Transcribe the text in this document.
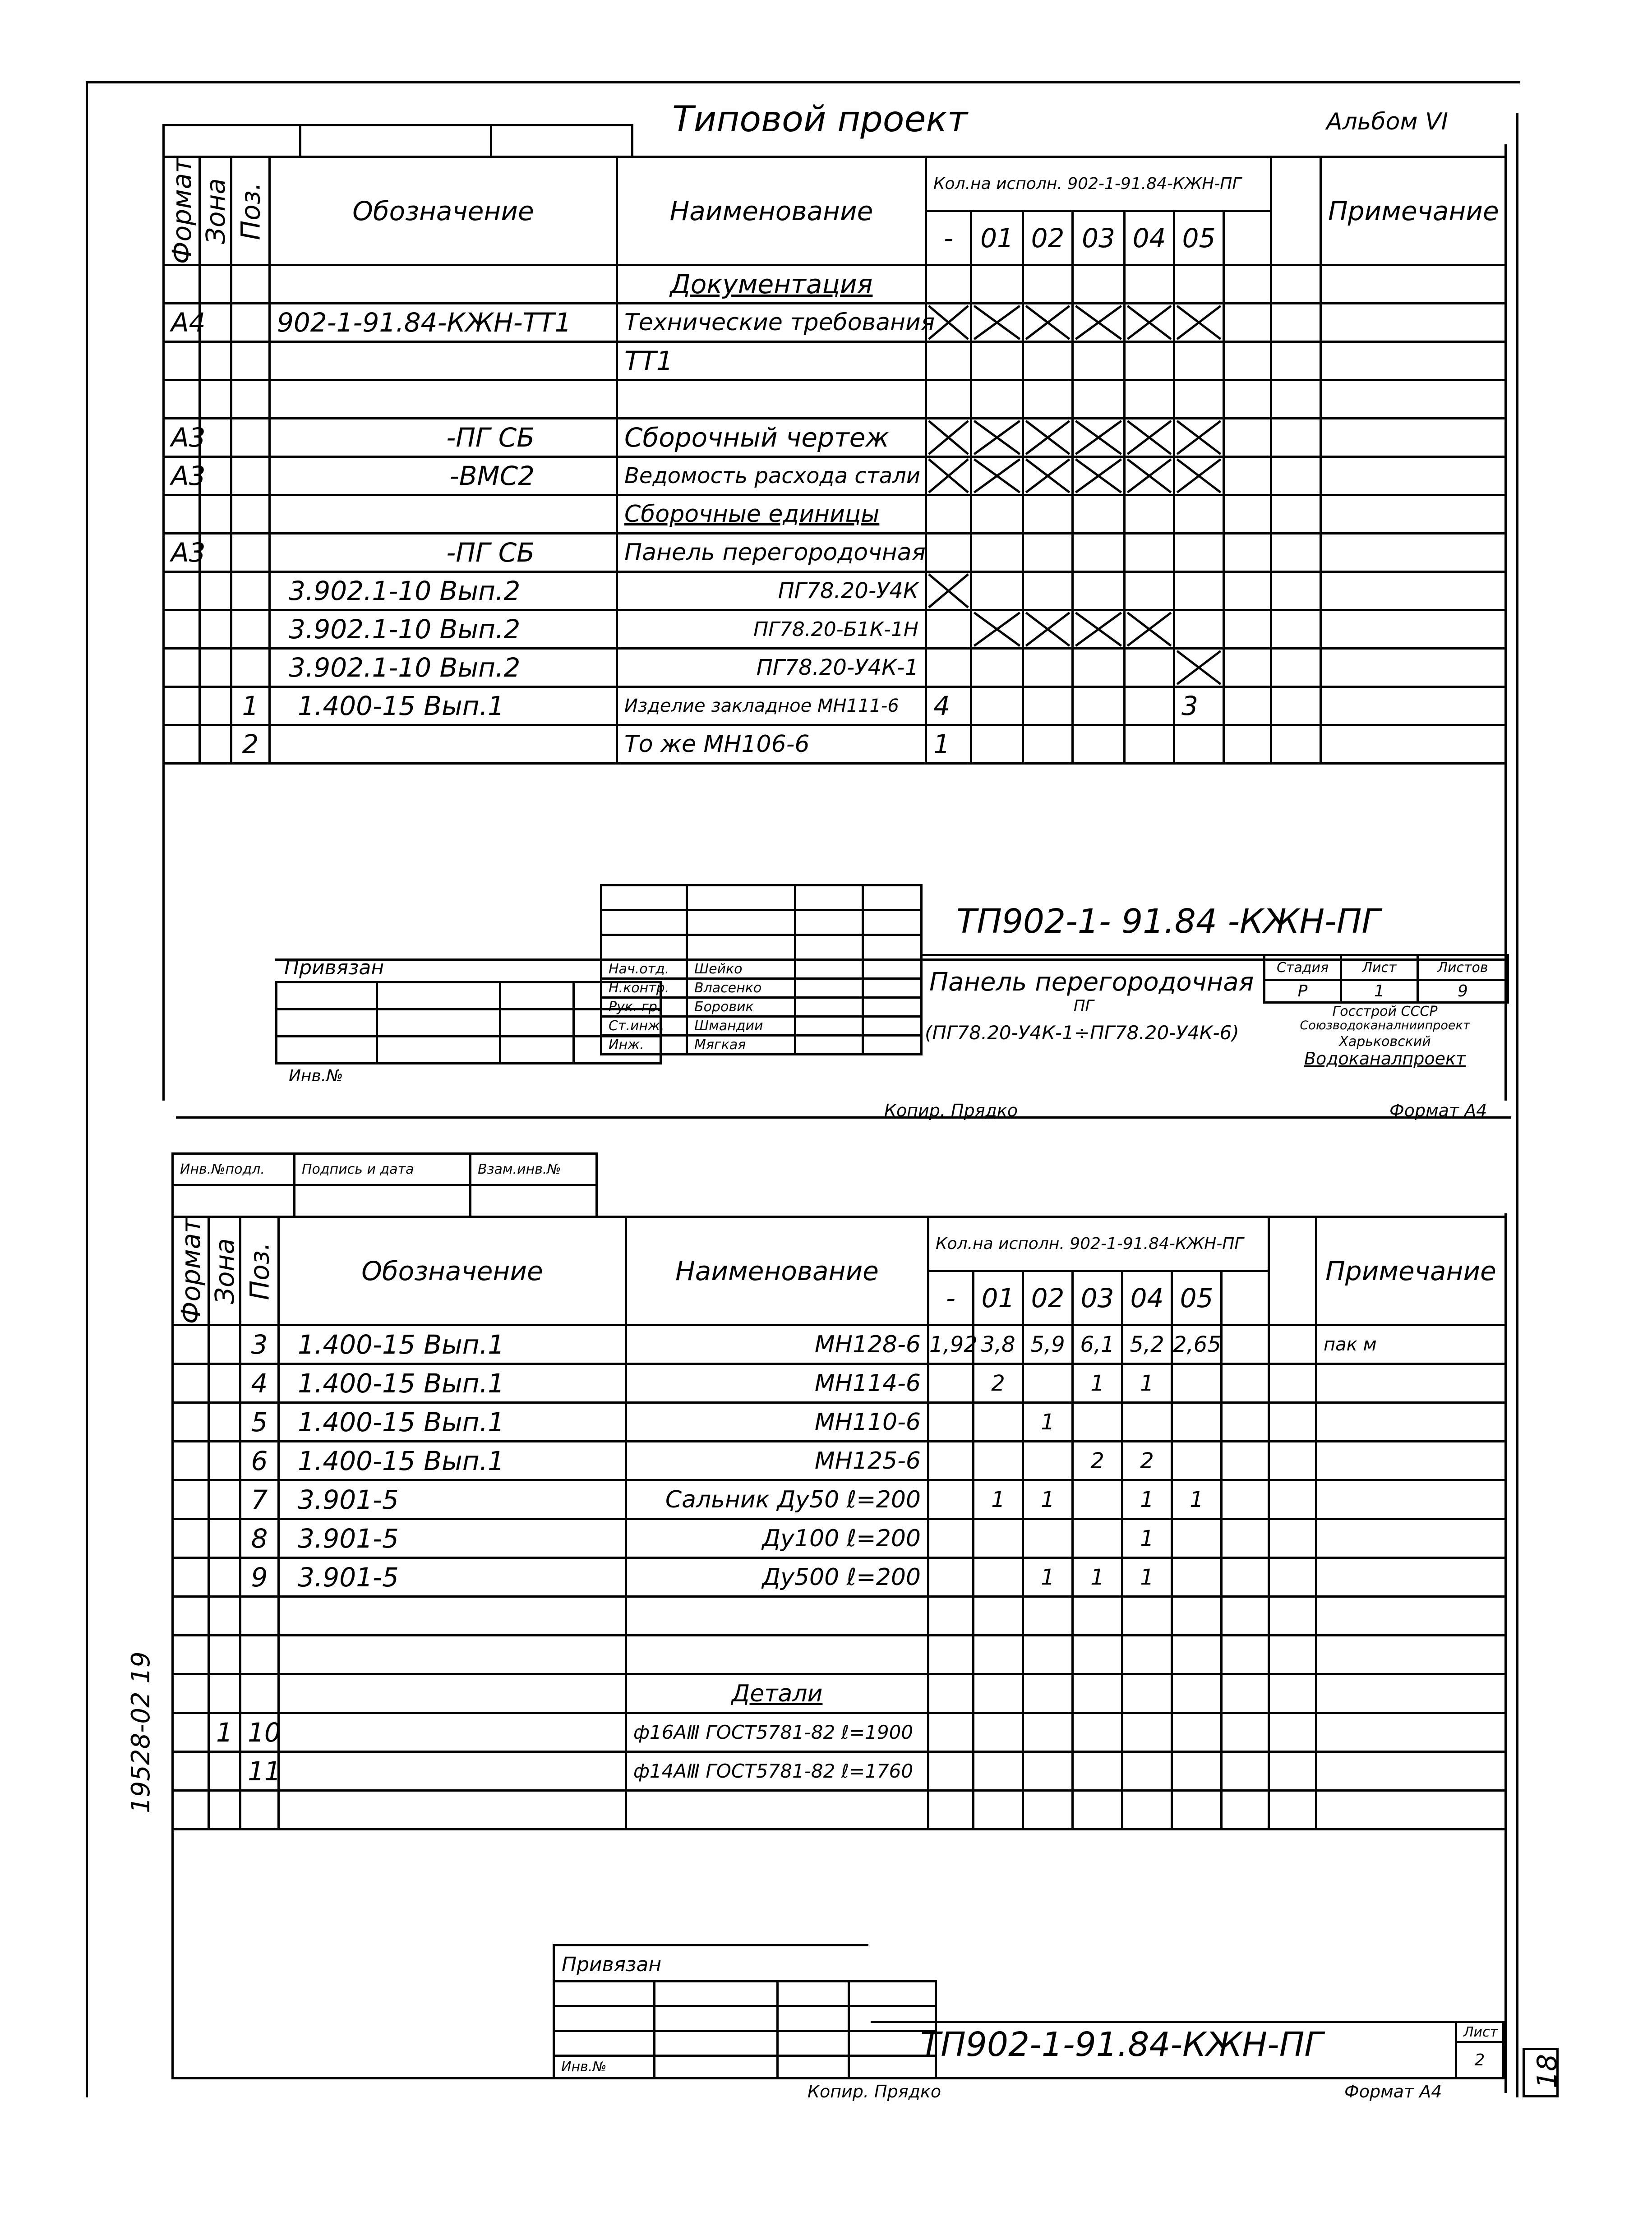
Типовой проект	Альбом VI
Формат	Зона	Поз.	Обозначение	Наименование	Кол.на исполн. 902-1-91.84-КЖН-ПГ								Примечание
					-	01	02	03	04	05			
				Документация									
А4			902-1-91.84-КЖН-ТТ1	Технические требования	

				ТТ1									

А3			-ПГ СБ	Сборочный чертеж	

А3			-ВМС2	Ведомость расхода стали	

				Сборочные единицы									
А3			-ПГ СБ	Панель перегородочная									
			3.902.1-10 Вып.2	ПГ78.20-У4К	

			3.902.1-10 Вып.2	ПГ78.20-Б1К-1Н		

			3.902.1-10 Вып.2	ПГ78.20-У4К-1						

		1	1.400-15 Вып.1	Изделие закладное МН111-6	4					3			
		2		То же МН106-6	1								
Привязан

Инв.№

Нач.отд.	Шейко		
Н.контр.	Власенко		
Рук. гр.	Боровик		
Ст.инж.	Шмандии		
Инж.	Мягкая		
ТП902-1- 91.84 -КЖН-ПГ
Панель перегородочная
ПГ
(ПГ78.20-У4К-1÷ПГ78.20-У4К-6)
Стадия	Лист	Листов
Р	1	9
Госстрой СССР
Союзводоканалниипроект
Харьковский
Водоканалпроект
Копир. Прядко	Формат А4
Инв.№подл.	Подпись и дата	Взам.инв.№

Формат	Зона	Поз.	Обозначение	Наименование	Кол.на исполн. 902-1-91.84-КЖН-ПГ								Примечание
					-	01	02	03	04	05			
		3	1.400-15 Вып.1	МН128-6	1,92	3,8	5,9	6,1	5,2	2,65			пак м
		4	1.400-15 Вып.1	МН114-6		2		1	1				
		5	1.400-15 Вып.1	МН110-6			1						
		6	1.400-15 Вып.1	МН125-6				2	2				
		7	3.901-5	Сальник Ду50 ℓ=200		1	1		1	1			
		8	3.901-5	Ду100 ℓ=200					1				
		9	3.901-5	Ду500 ℓ=200			1	1	1				

				Детали									
	1	10		ф16AⅢ ГОСТ5781-82 ℓ=1900									
		11		ф14AⅢ ГОСТ5781-82 ℓ=1760									

Привязан

Инв.№			
ТП902-1-91.84-КЖН-ПГ	Лист
2
Копир. Прядко	Формат А4
19528-02 19
18
